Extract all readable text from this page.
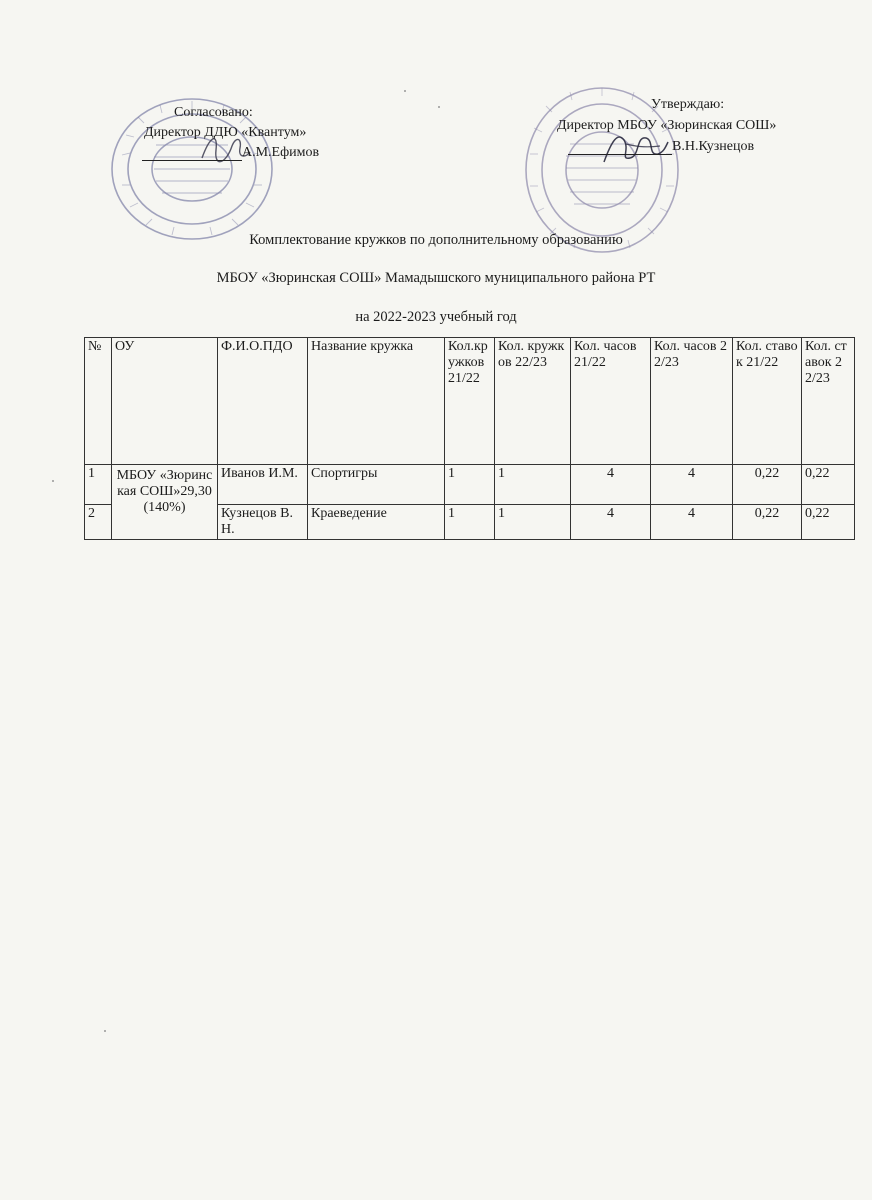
Согласовано:
Директор ДДЮ «Квантум»
А.М.Ефимов
Утверждаю:
Директор МБОУ «Зюринская СОШ»
В.Н.Кузнецов
Комплектование кружков по дополнительному образованию
МБОУ «Зюринская СОШ» Мамадышского муниципального района РТ
на 2022-2023 учебный год
№	ОУ	Ф.И.О.ПДО	Название кружка	Кол.кружков 21/22	Кол. кружков 22/23	Кол. часов 21/22	Кол. часов 22/23	Кол. ставок 21/22	Кол. ставок 22/23
1	МБОУ «Зюринская СОШ»29,30 (140%)	Иванов И.М.	Спортигры	1	1	4	4	0,22	0,22
2		Кузнецов В.Н.	Краеведение	1	1	4	4	0,22	0,22
